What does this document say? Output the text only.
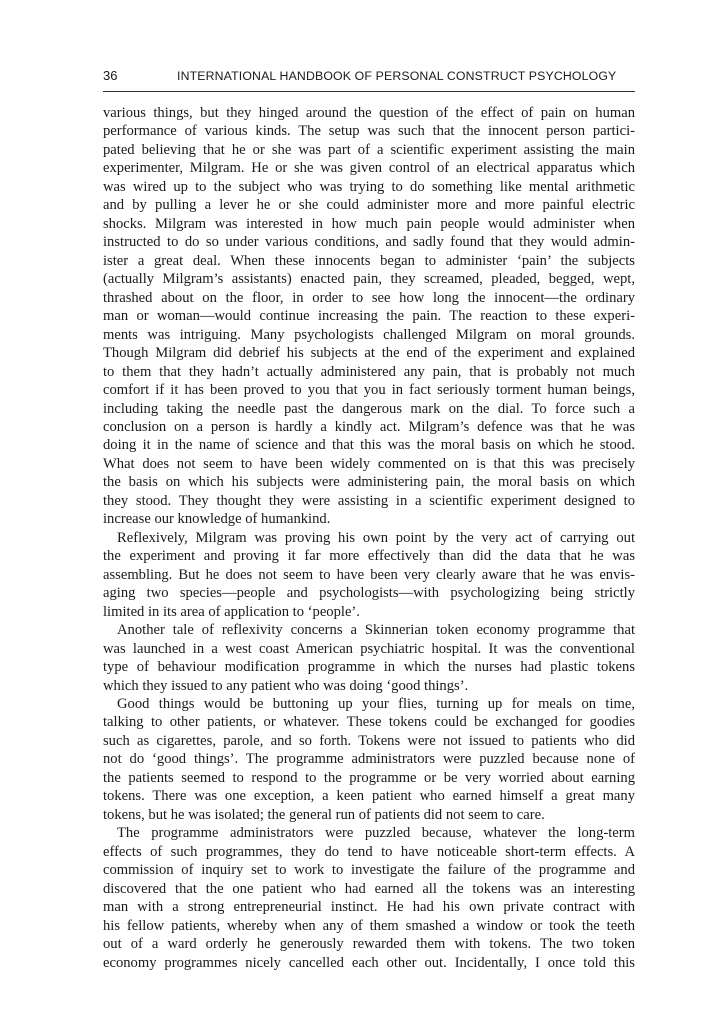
36	INTERNATIONAL HANDBOOK OF PERSONAL CONSTRUCT PSYCHOLOGY
various things, but they hinged around the question of the effect of pain on human
performance of various kinds. The setup was such that the innocent person partici-
pated believing that he or she was part of a scientific experiment assisting the main
experimenter, Milgram. He or she was given control of an electrical apparatus which
was wired up to the subject who was trying to do something like mental arithmetic
and by pulling a lever he or she could administer more and more painful electric
shocks. Milgram was interested in how much pain people would administer when
instructed to do so under various conditions, and sadly found that they would admin-
ister a great deal. When these innocents began to administer ‘pain’ the subjects
(actually Milgram’s assistants) enacted pain, they screamed, pleaded, begged, wept,
thrashed about on the floor, in order to see how long the innocent—the ordinary
man or woman—would continue increasing the pain. The reaction to these experi-
ments was intriguing. Many psychologists challenged Milgram on moral grounds.
Though Milgram did debrief his subjects at the end of the experiment and explained
to them that they hadn’t actually administered any pain, that is probably not much
comfort if it has been proved to you that you in fact seriously torment human beings,
including taking the needle past the dangerous mark on the dial. To force such a
conclusion on a person is hardly a kindly act. Milgram’s defence was that he was
doing it in the name of science and that this was the moral basis on which he stood.
What does not seem to have been widely commented on is that this was precisely
the basis on which his subjects were administering pain, the moral basis on which
they stood. They thought they were assisting in a scientific experiment designed to
increase our knowledge of humankind.
Reflexively, Milgram was proving his own point by the very act of carrying out
the experiment and proving it far more effectively than did the data that he was
assembling. But he does not seem to have been very clearly aware that he was envis-
aging two species—people and psychologists—with psychologizing being strictly
limited in its area of application to ‘people’.
Another tale of reflexivity concerns a Skinnerian token economy programme that
was launched in a west coast American psychiatric hospital. It was the conventional
type of behaviour modification programme in which the nurses had plastic tokens
which they issued to any patient who was doing ‘good things’.
Good things would be buttoning up your flies, turning up for meals on time,
talking to other patients, or whatever. These tokens could be exchanged for goodies
such as cigarettes, parole, and so forth. Tokens were not issued to patients who did
not do ‘good things’. The programme administrators were puzzled because none of
the patients seemed to respond to the programme or be very worried about earning
tokens. There was one exception, a keen patient who earned himself a great many
tokens, but he was isolated; the general run of patients did not seem to care.
The programme administrators were puzzled because, whatever the long-term
effects of such programmes, they do tend to have noticeable short-term effects. A
commission of inquiry set to work to investigate the failure of the programme and
discovered that the one patient who had earned all the tokens was an interesting
man with a strong entrepreneurial instinct. He had his own private contract with
his fellow patients, whereby when any of them smashed a window or took the teeth
out of a ward orderly he generously rewarded them with tokens. The two token
economy programmes nicely cancelled each other out. Incidentally, I once told this
